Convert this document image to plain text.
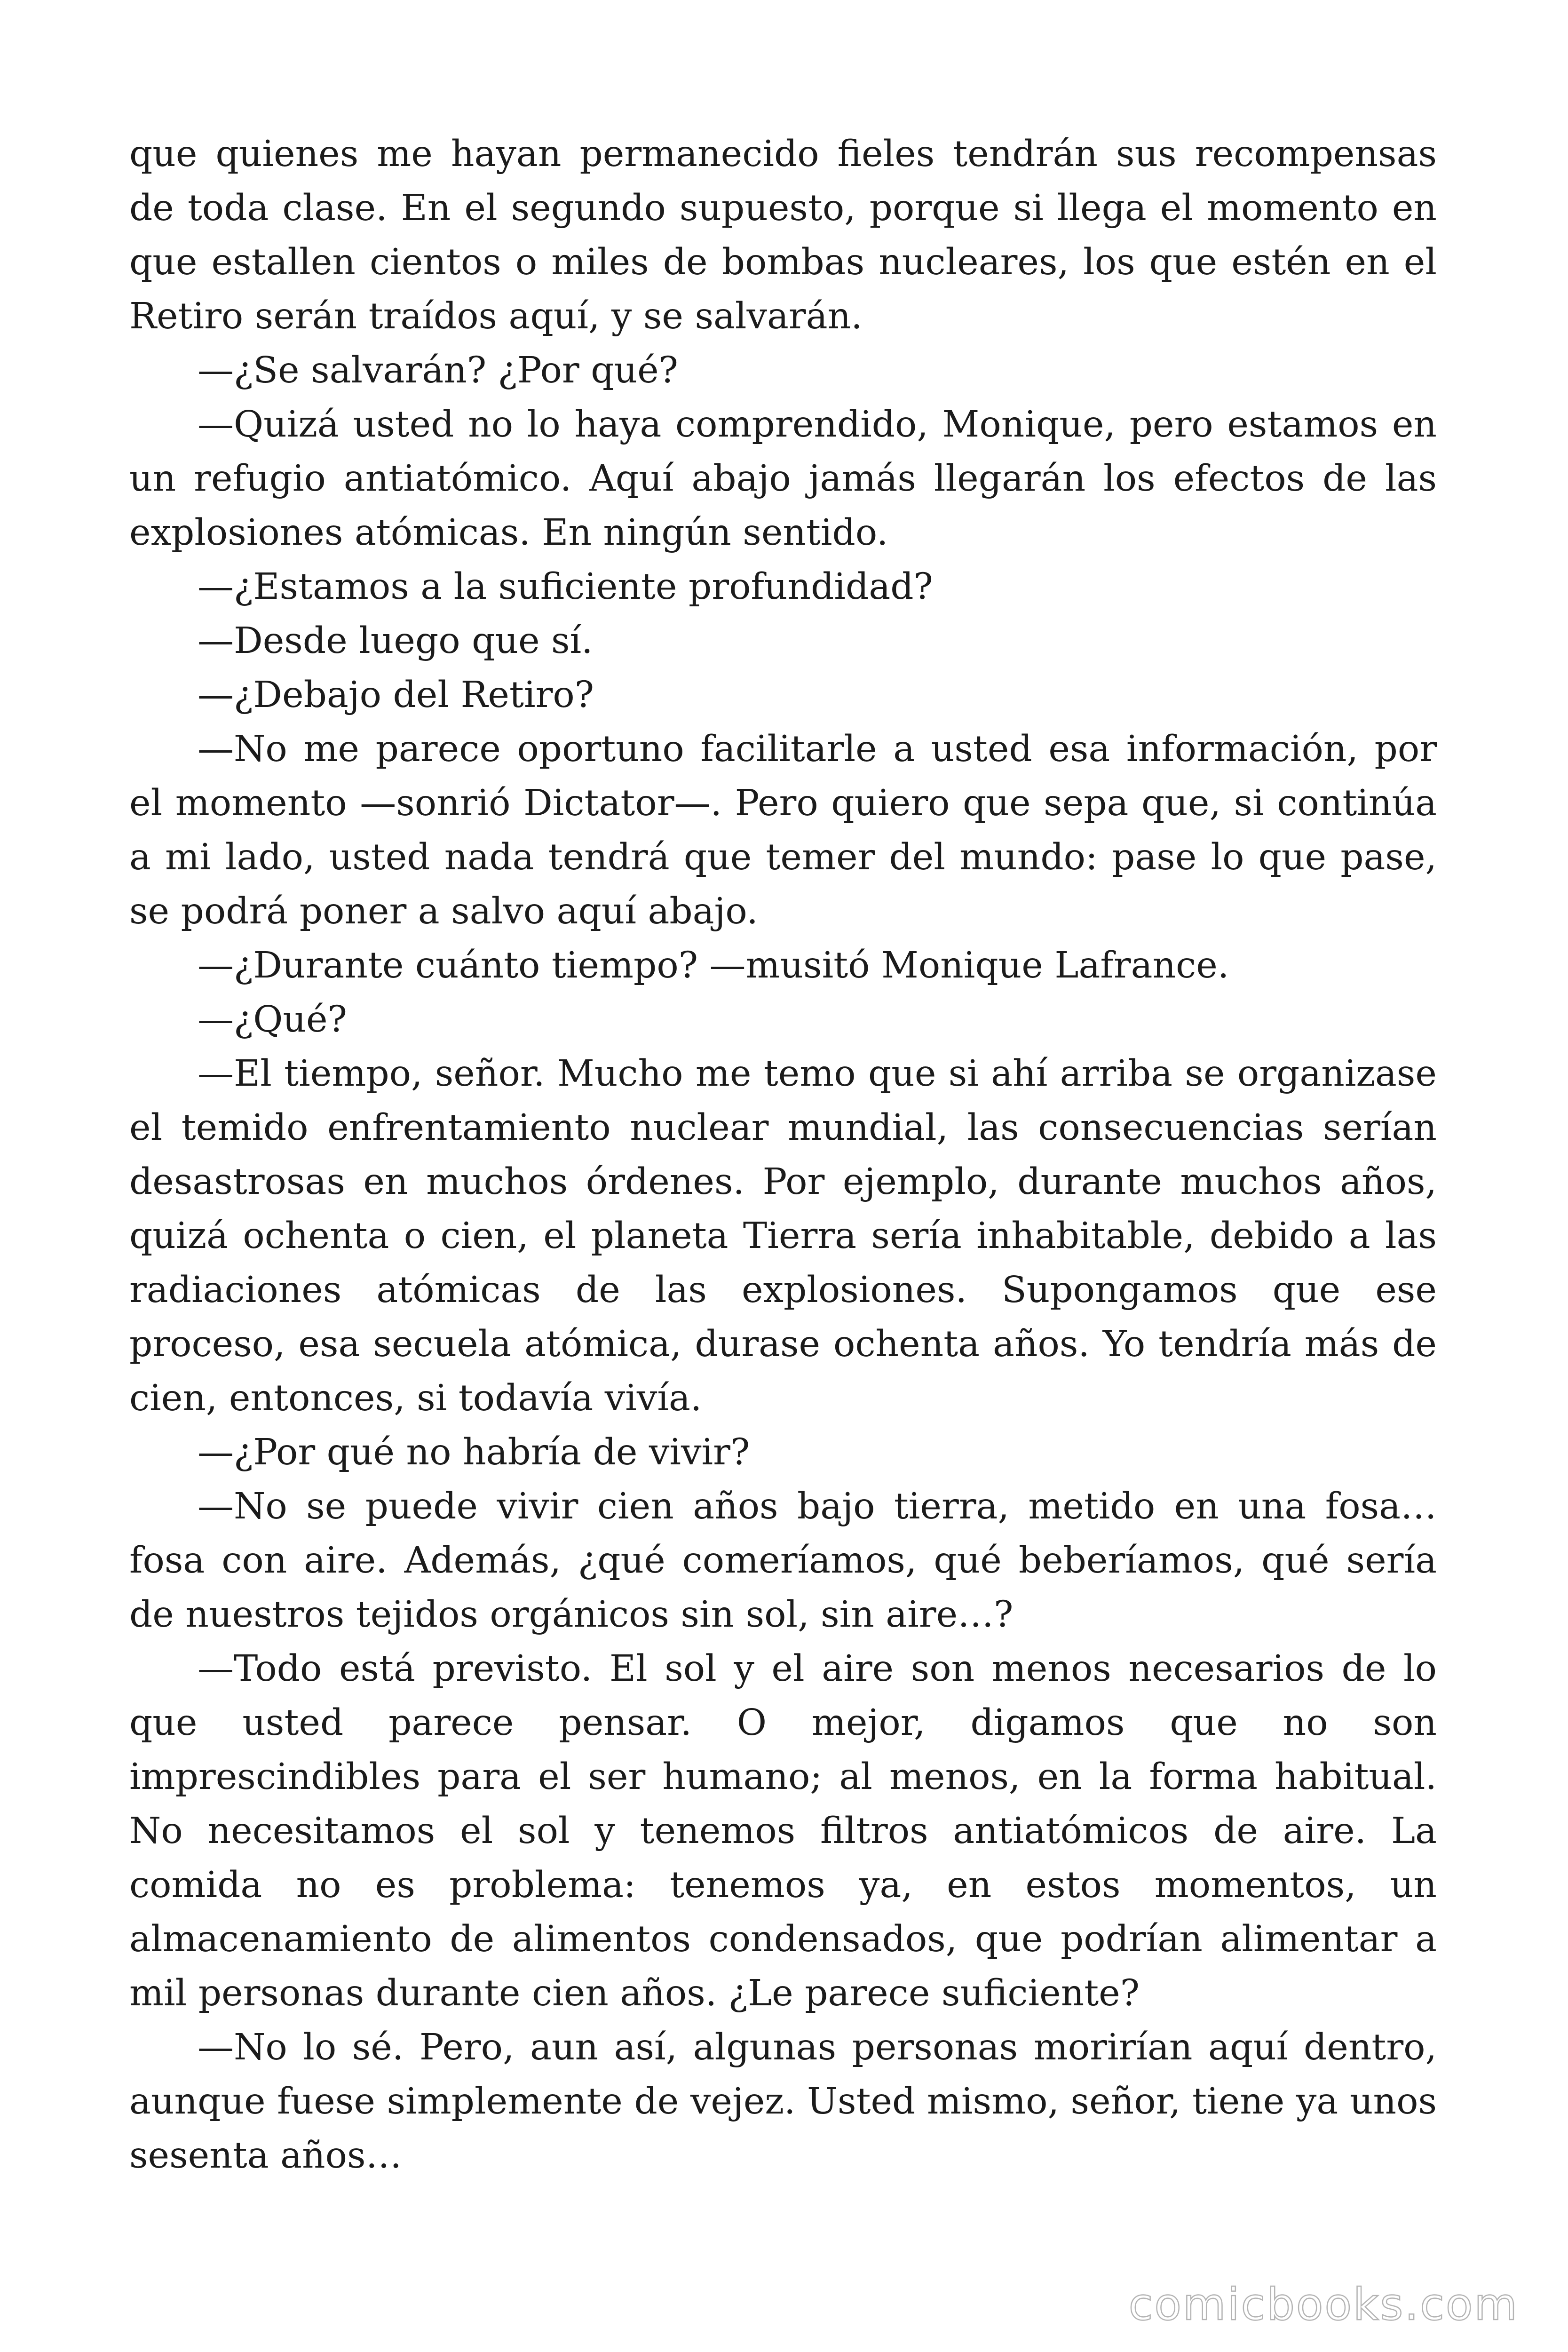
que quienes me hayan permanecido fieles tendrán sus recompensas de toda clase. En el segundo supuesto, porque si llega el momento en que estallen cientos o miles de bombas nucleares, los que estén en el Retiro serán traídos aquí, y se salvarán.

—¿Se salvarán? ¿Por qué?

—Quizá usted no lo haya comprendido, Monique, pero estamos en un refugio antiatómico. Aquí abajo jamás llegarán los efectos de las explosiones atómicas. En ningún sentido.

—¿Estamos a la suficiente profundidad?

—Desde luego que sí.

—¿Debajo del Retiro?

—No me parece oportuno facilitarle a usted esa información, por el momento —sonrió Dictator—. Pero quiero que sepa que, si continúa a mi lado, usted nada tendrá que temer del mundo: pase lo que pase, se podrá poner a salvo aquí abajo.

—¿Durante cuánto tiempo? —musitó Monique Lafrance.

—¿Qué?

—El tiempo, señor. Mucho me temo que si ahí arriba se organizase el temido enfrentamiento nuclear mundial, las consecuencias serían desastrosas en muchos órdenes. Por ejemplo, durante muchos años, quizá ochenta o cien, el planeta Tierra sería inhabitable, debido a las radiaciones atómicas de las explosiones. Supongamos que ese proceso, esa secuela atómica, durase ochenta años. Yo tendría más de cien, entonces, si todavía vivía.

—¿Por qué no habría de vivir?

—No se puede vivir cien años bajo tierra, metido en una fosa… fosa con aire. Además, ¿qué comeríamos, qué beberíamos, qué sería de nuestros tejidos orgánicos sin sol, sin aire…?

—Todo está previsto. El sol y el aire son menos necesarios de lo que usted parece pensar. O mejor, digamos que no son imprescindibles para el ser humano; al menos, en la forma habitual. No necesitamos el sol y tenemos filtros antiatómicos de aire. La comida no es problema: tenemos ya, en estos momentos, un almacenamiento de alimentos condensados, que podrían alimentar a mil personas durante cien años. ¿Le parece suficiente?

—No lo sé. Pero, aun así, algunas personas morirían aquí dentro, aunque fuese simplemente de vejez. Usted mismo, señor, tiene ya unos sesenta años…

comicbooks.com
